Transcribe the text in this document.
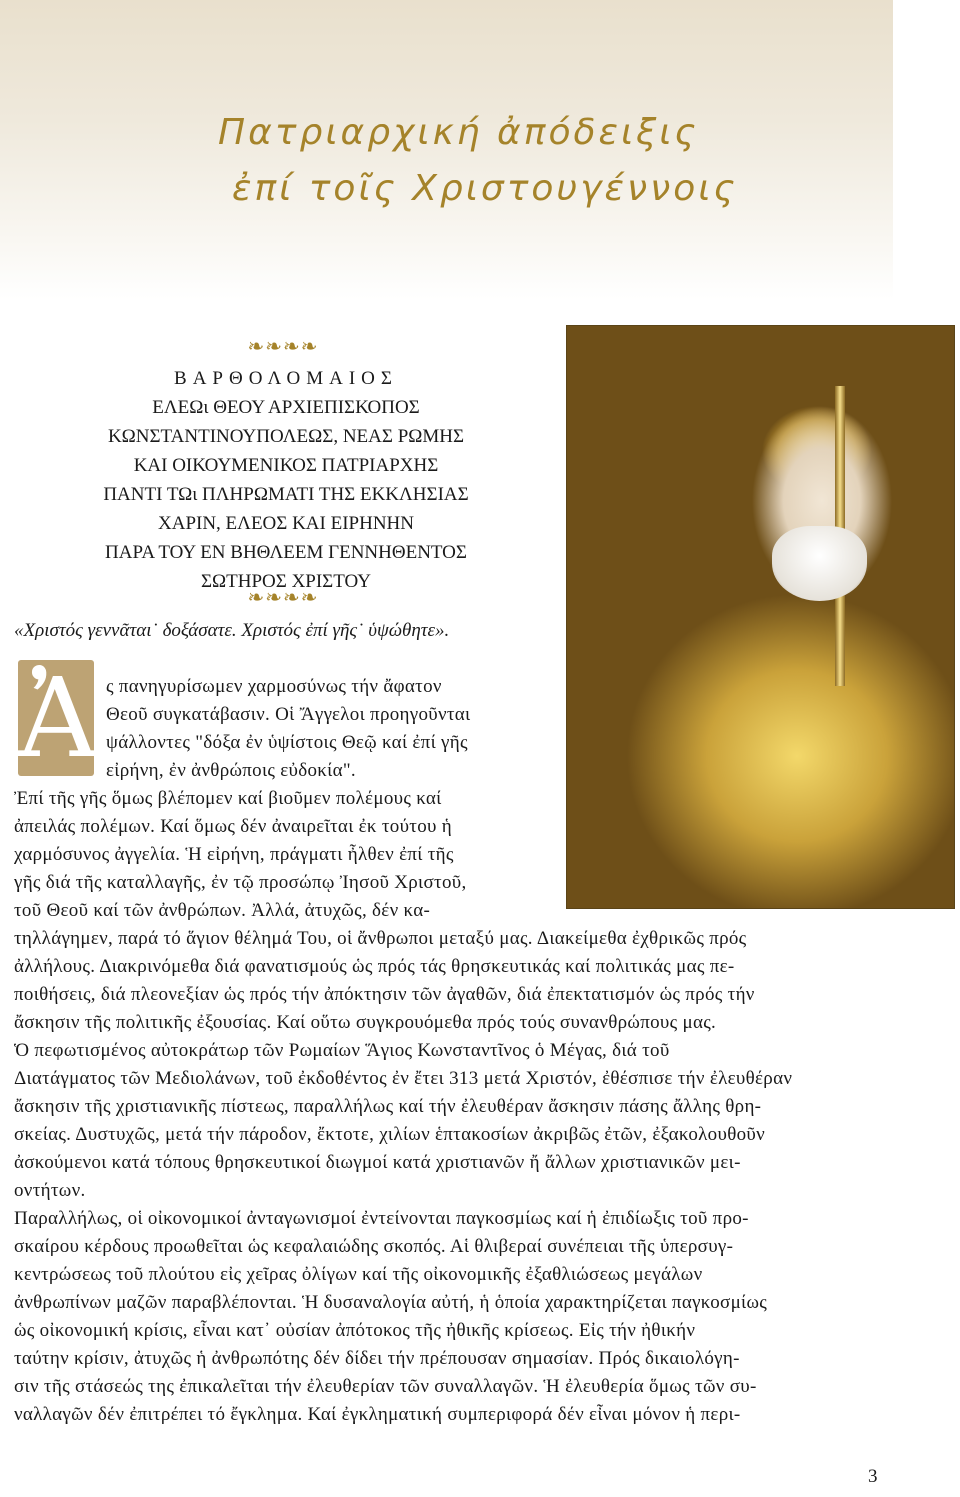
Πατριαρχική ἀπόδειξις

ἐπί τοῖς Χριστουγέννοις
❧❧❧❧
ΒΑΡΘΟΛΟΜΑΙΟΣ
ΕΛΕΩι ΘΕΟΥ ΑΡΧΙΕΠΙΣΚΟΠΟΣ
ΚΩΝΣΤΑΝΤΙΝΟΥΠΟΛΕΩΣ, ΝΕΑΣ ΡΩΜΗΣ
ΚΑΙ ΟΙΚΟΥΜΕΝΙΚΟΣ ΠΑΤΡΙΑΡΧΗΣ
ΠΑΝΤΙ ΤΩι ΠΛΗΡΩΜΑΤΙ ΤΗΣ ΕΚΚΛΗΣΙΑΣ
ΧΑΡΙΝ, ΕΛΕΟΣ ΚΑΙ ΕΙΡΗΝΗΝ
ΠΑΡΑ ΤΟΥ ΕΝ ΒΗΘΛΕΕΜ ΓΕΝΝΗΘΕΝΤΟΣ
ΣΩΤΗΡΟΣ ΧΡΙΣΤΟΥ
❧❧❧❧
«Χριστός γεννᾶται˙ δοξάσατε. Χριστός ἐπί γῆς˙ ὑψώθητε».
Ἀ ς πανηγυρίσωμεν χαρμοσύνως τήν ἄφατον
Θεοῦ συγκατάβασιν. Οἱ Ἄγγελοι προηγοῦνται
ψάλλοντες "δόξα ἐν ὑψίστοις Θεῷ καί ἐπί γῆς
εἰρήνη, ἐν ἀνθρώποις εὐδοκία".
Ἐπί τῆς γῆς ὅμως βλέπομεν καί βιοῦμεν πολέμους καί
ἀπειλάς πολέμων. Καί ὅμως δέν ἀναιρεῖται ἐκ τούτου ἡ
χαρμόσυνος ἀγγελία. Ἡ εἰρήνη, πράγματι ἦλθεν ἐπί τῆς
γῆς διά τῆς καταλλαγῆς, ἐν τῷ προσώπῳ Ἰησοῦ Χριστοῦ,
τοῦ Θεοῦ καί τῶν ἀνθρώπων. Ἀλλά, ἀτυχῶς, δέν κα-
τηλλάγημεν, παρά τό ἅγιον θέλημά Του, οἱ ἄνθρωποι μεταξύ μας. Διακείμεθα ἐχθρικῶς πρός
ἀλλήλους. Διακρινόμεθα διά φανατισμούς ὡς πρός τάς θρησκευτικάς καί πολιτικάς μας πε-
ποιθήσεις, διά πλεονεξίαν ὡς πρός τήν ἀπόκτησιν τῶν ἀγαθῶν, διά ἐπεκτατισμόν ὡς πρός τήν
ἄσκησιν τῆς πολιτικῆς ἐξουσίας. Καί οὕτω συγκρουόμεθα πρός τούς συνανθρώπους μας.
Ὁ πεφωτισμένος αὐτοκράτωρ τῶν Ρωμαίων Ἅγιος Κωνσταντῖνος ὁ Μέγας, διά τοῦ
Διατάγματος τῶν Μεδιολάνων, τοῦ ἐκδοθέντος ἐν ἔτει 313 μετά Χριστόν, ἐθέσπισε τήν ἐλευθέραν
ἄσκησιν τῆς χριστιανικῆς πίστεως, παραλλήλως καί τήν ἐλευθέραν ἄσκησιν πάσης ἄλλης θρη-
σκείας. Δυστυχῶς, μετά τήν πάροδον, ἔκτοτε, χιλίων ἑπτακοσίων ἀκριβῶς ἐτῶν, ἐξακολουθοῦν
ἀσκούμενοι κατά τόπους θρησκευτικοί διωγμοί κατά χριστιανῶν ἤ ἄλλων χριστιανικῶν μει-
οντήτων.
Παραλλήλως, οἱ οἰκονομικοί ἀνταγωνισμοί ἐντείνονται παγκοσμίως καί ἡ ἐπιδίωξις τοῦ προ-
σκαίρου κέρδους προωθεῖται ὡς κεφαλαιώδης σκοπός. Αἱ θλιβεραί συνέπειαι τῆς ὑπερσυγ-
κεντρώσεως τοῦ πλούτου εἰς χεῖρας ὀλίγων καί τῆς οἰκονομικῆς ἐξαθλιώσεως μεγάλων
ἀνθρωπίνων μαζῶν παραβλέπονται. Ἡ δυσαναλογία αὐτή, ἡ ὁποία χαρακτηρίζεται παγκοσμίως
ὡς οἰκονομική κρίσις, εἶναι κατ᾽ οὐσίαν ἀπότοκος τῆς ἠθικῆς κρίσεως. Εἰς τήν ἠθικήν
ταύτην κρίσιν, ἀτυχῶς ἡ ἀνθρωπότης δέν δίδει τήν πρέπουσαν σημασίαν. Πρός δικαιολόγη-
σιν τῆς στάσεώς της ἐπικαλεῖται τήν ἐλευθερίαν τῶν συναλλαγῶν. Ἡ ἐλευθερία ὅμως τῶν συ-
ναλλαγῶν δέν ἐπιτρέπει τό ἔγκλημα. Καί ἐγκληματική συμπεριφορά δέν εἶναι μόνον ἡ περι-
3
